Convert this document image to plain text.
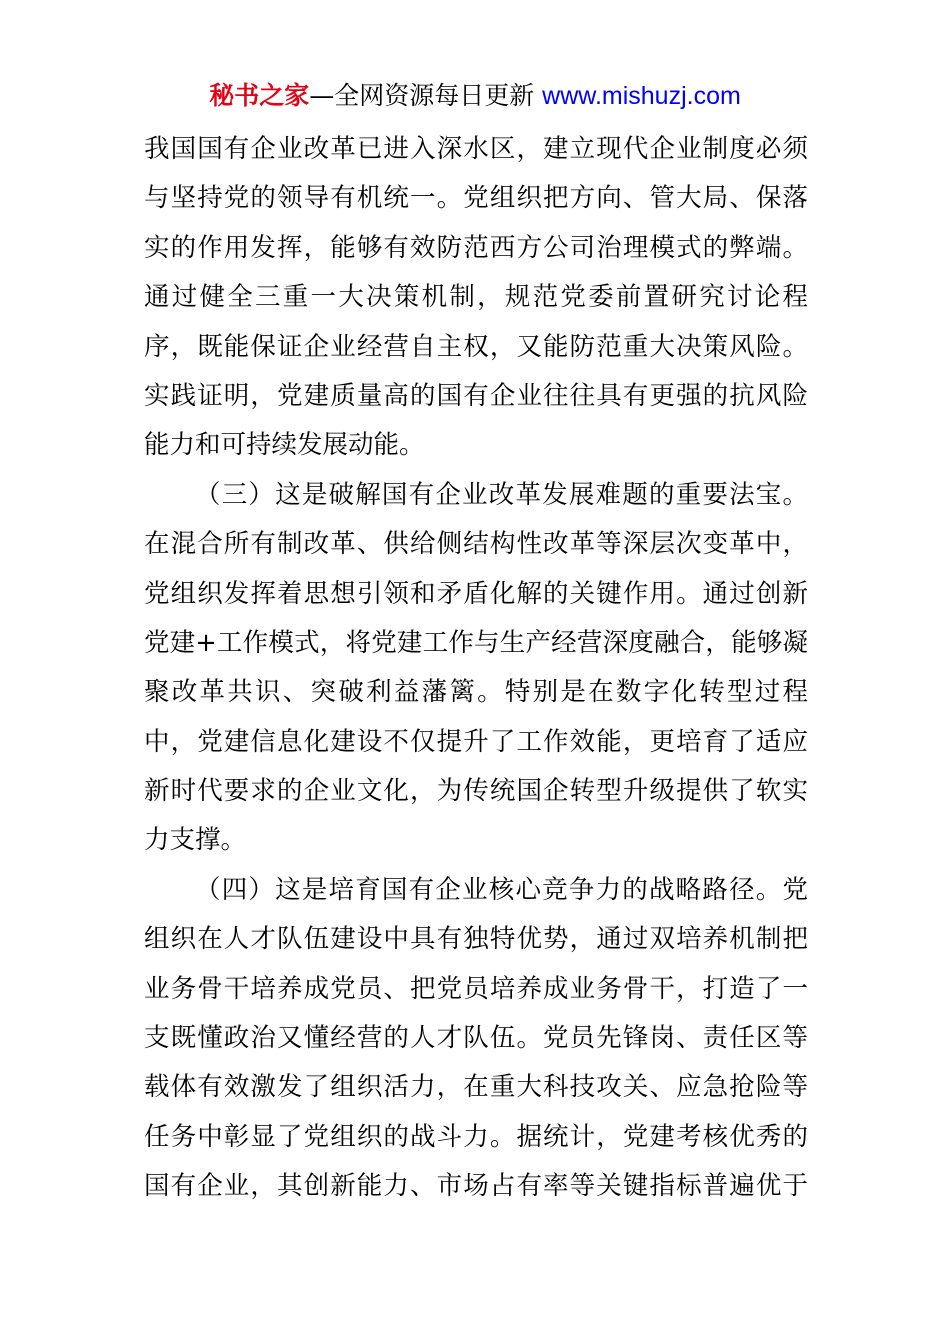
秘书之家—全网资源每日更新 www.mishuzj.com
我国国有企业改革已进入深水区，建立现代企业制度必须
与坚持党的领导有机统一。党组织把方向、管大局、保落
实的作用发挥，能够有效防范西方公司治理模式的弊端。
通过健全三重一大决策机制，规范党委前置研究讨论程
序，既能保证企业经营自主权，又能防范重大决策风险。
实践证明，党建质量高的国有企业往往具有更强的抗风险
能力和可持续发展动能。
（三）这是破解国有企业改革发展难题的重要法宝。
在混合所有制改革、供给侧结构性改革等深层次变革中，
党组织发挥着思想引领和矛盾化解的关键作用。通过创新
党建+工作模式，将党建工作与生产经营深度融合，能够凝
聚改革共识、突破利益藩篱。特别是在数字化转型过程
中，党建信息化建设不仅提升了工作效能，更培育了适应
新时代要求的企业文化，为传统国企转型升级提供了软实
力支撑。
（四）这是培育国有企业核心竞争力的战略路径。党
组织在人才队伍建设中具有独特优势，通过双培养机制把
业务骨干培养成党员、把党员培养成业务骨干，打造了一
支既懂政治又懂经营的人才队伍。党员先锋岗、责任区等
载体有效激发了组织活力，在重大科技攻关、应急抢险等
任务中彰显了党组织的战斗力。据统计，党建考核优秀的
国有企业，其创新能力、市场占有率等关键指标普遍优于
